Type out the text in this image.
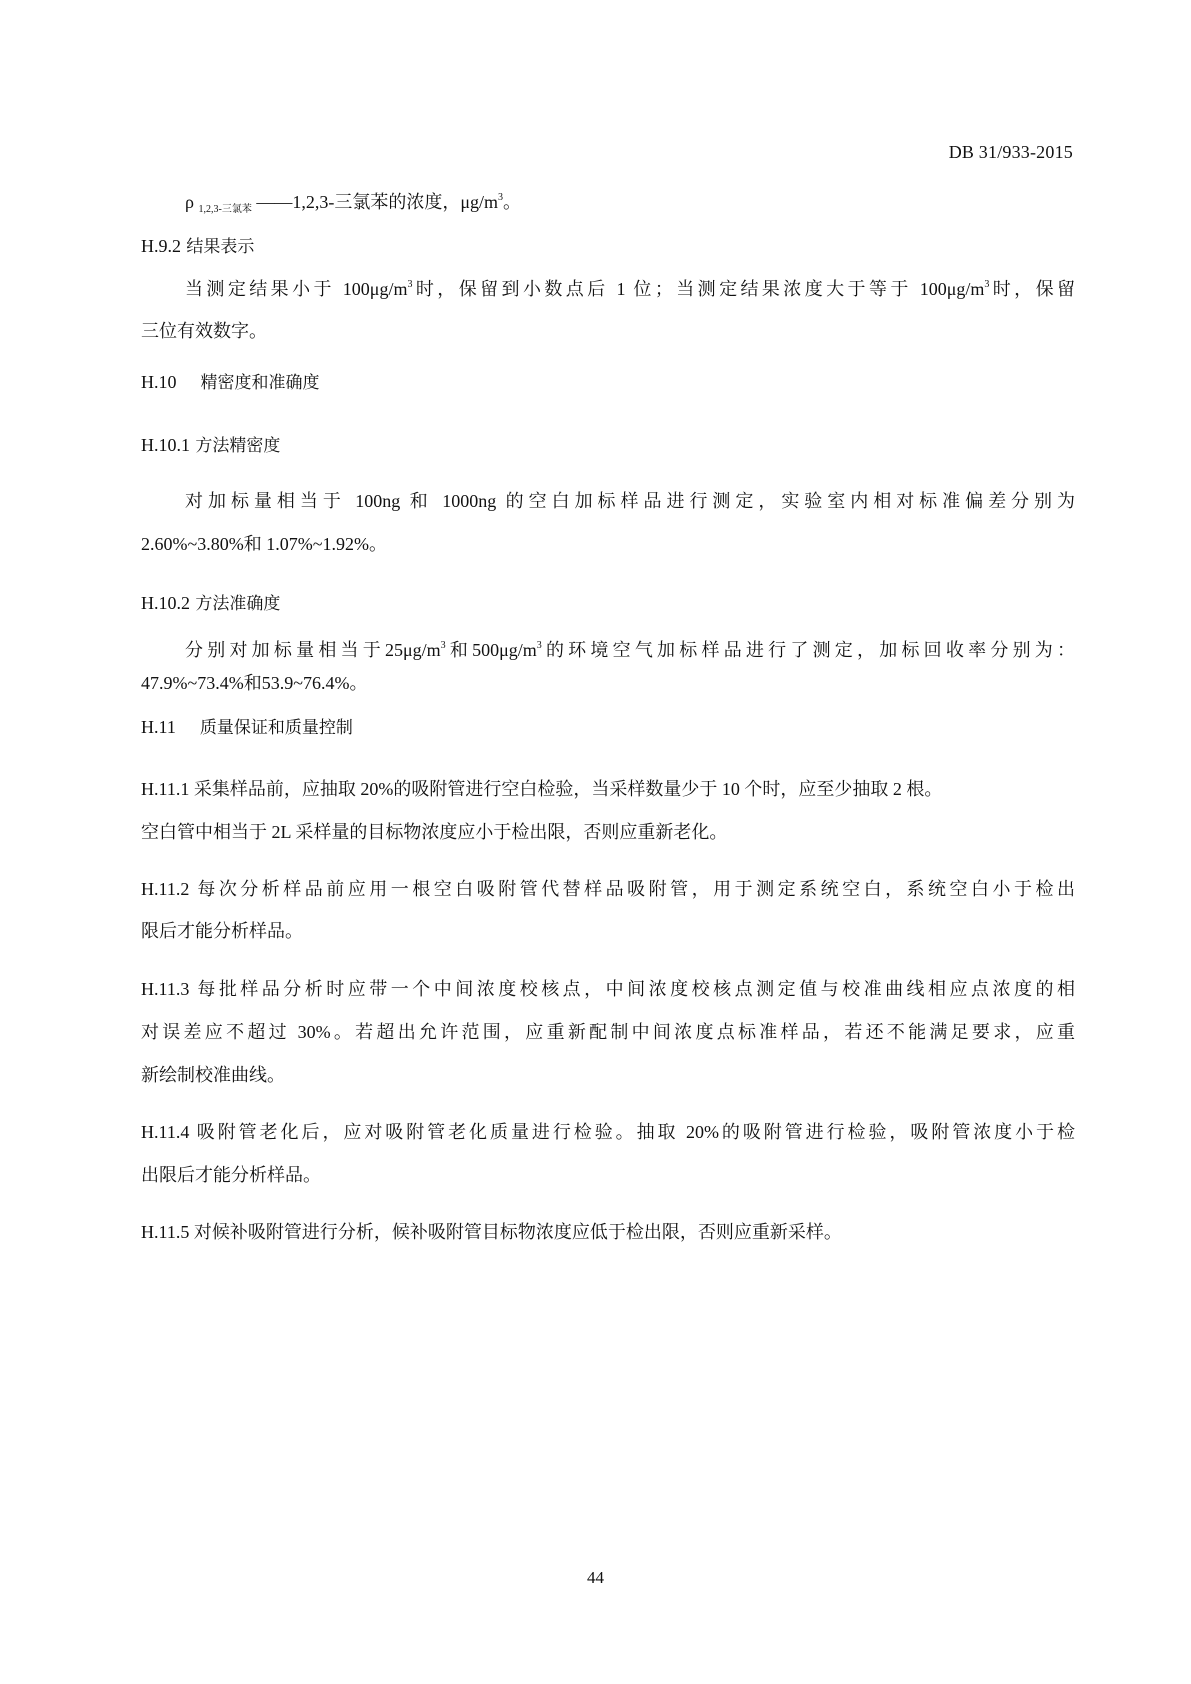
DB 31/933-2015
ρ $_{1,2,3-三氯苯}$ ——1,2,3-三氯苯的浓度，$\mu g/m^3$。
H.9.2 结果表示
当测定结果小于 $100\mu g/m^3$时，保留到小数点后 1 位；当测定结果浓度大于等于 $100\mu g/m^3$时，保留
三位有效数字。
H.10 精密度和准确度
H.10.1 方法精密度
对加标量相当于 100ng 和 1000ng 的空白加标样品进行测定，实验室内相对标准偏差分别为
2.60%~3.80%和 1.07%~1.92%。
H.10.2 方法准确度
分别对加标量相当于$25\mu g/m^3$和$500\mu g/m^3$的环境空气加标样品进行了测定，加标回收率分别为：
47.9%~73.4%和53.9~76.4%。
H.11 质量保证和质量控制
H.11.1 采集样品前，应抽取 20%的吸附管进行空白检验，当采样数量少于 10 个时，应至少抽取 2 根。
空白管中相当于 2L 采样量的目标物浓度应小于检出限，否则应重新老化。
H.11.2 每次分析样品前应用一根空白吸附管代替样品吸附管，用于测定系统空白，系统空白小于检出
限后才能分析样品。
H.11.3 每批样品分析时应带一个中间浓度校核点，中间浓度校核点测定值与校准曲线相应点浓度的相
对误差应不超过 30%。若超出允许范围，应重新配制中间浓度点标准样品，若还不能满足要求，应重
新绘制校准曲线。
H.11.4 吸附管老化后，应对吸附管老化质量进行检验。抽取 20%的吸附管进行检验，吸附管浓度小于检
出限后才能分析样品。
H.11.5 对候补吸附管进行分析，候补吸附管目标物浓度应低于检出限，否则应重新采样。
44
